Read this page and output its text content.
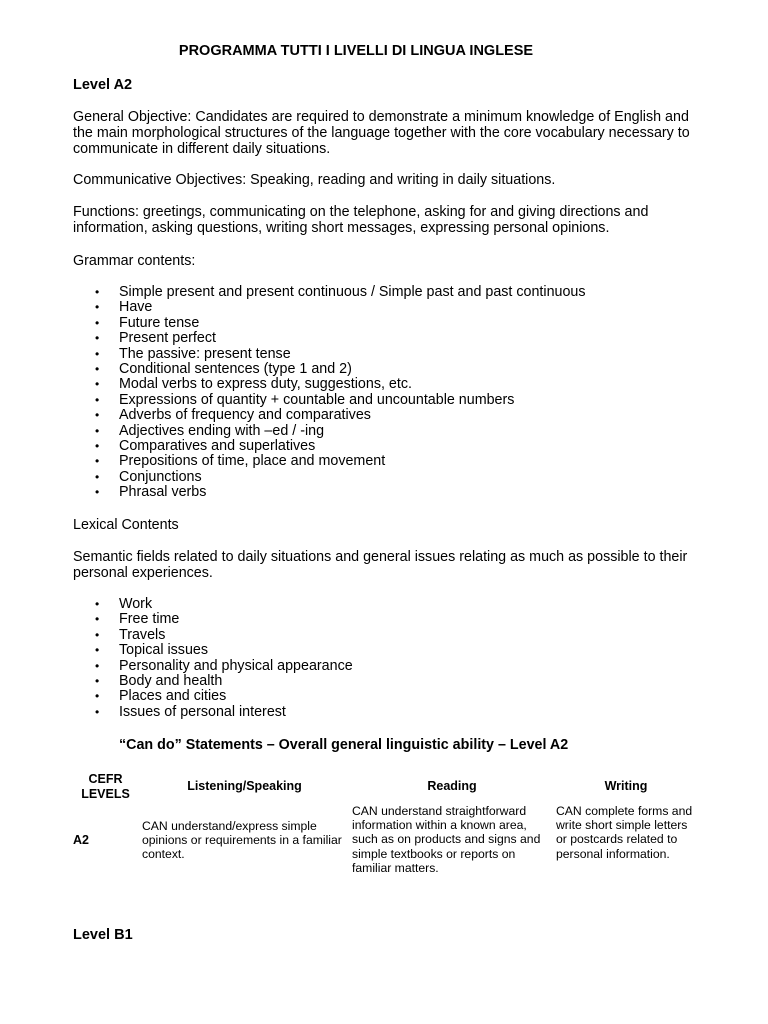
PROGRAMMA TUTTI I LIVELLI DI LINGUA INGLESE
Level A2

General Objective: Candidates are required to demonstrate a minimum knowledge of English and the main morphological structures of the language together with the core vocabulary necessary to communicate in different daily situations.

Communicative Objectives: Speaking, reading and writing in daily situations.

Functions: greetings, communicating on the telephone, asking for and giving directions and information, asking questions, writing short messages, expressing personal opinions.

Grammar contents:

• Simple present and present continuous / Simple past and past continuous
• Have
• Future tense
• Present perfect
• The passive: present tense
• Conditional sentences (type 1 and 2)
• Modal verbs to express duty, suggestions, etc.
• Expressions of quantity + countable and uncountable numbers
• Adverbs of frequency and comparatives
• Adjectives ending with –ed / -ing
• Comparatives and superlatives
• Prepositions of time, place and movement
• Conjunctions
• Phrasal verbs

Lexical Contents

Semantic fields related to daily situations and general issues relating as much as possible to their personal experiences.

• Work
• Free time
• Travels
• Topical issues
• Personality and physical appearance
• Body and health
• Places and cities
• Issues of personal interest
“Can do” Statements – Overall general linguistic ability – Level A2
CEFR LEVELS
Listening/Speaking	Reading	Writing
A2
CAN understand/express simple opinions or requirements in a familiar context.
CAN understand straightforward information within a known area, such as on products and signs and simple textbooks or reports on familiar matters.
CAN complete forms and write short simple letters or postcards related to personal information.
Level B1
